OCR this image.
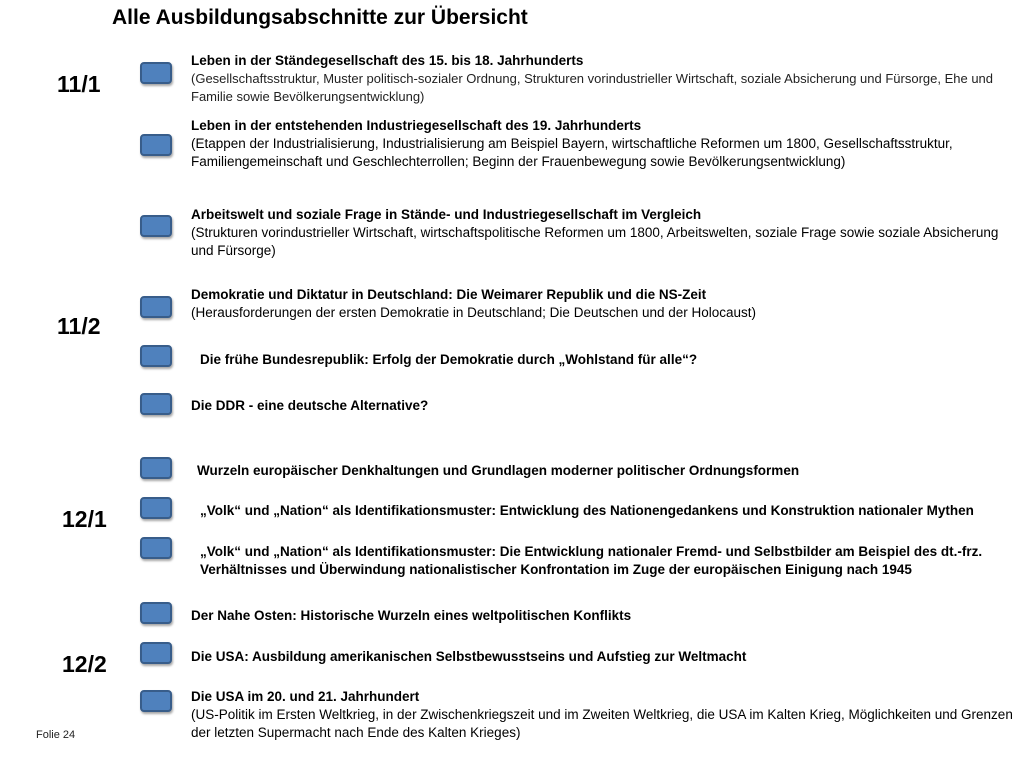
Alle Ausbildungsabschnitte zur Übersicht
11/1
11/2
12/1
12/2
Leben in der Ständegesellschaft des 15. bis 18. Jahrhunderts
(Gesellschaftsstruktur, Muster politisch-sozialer Ordnung, Strukturen vorindustrieller Wirtschaft, soziale Absicherung und Fürsorge, Ehe und Familie sowie Bevölkerungsentwicklung)
Leben in der entstehenden Industriegesellschaft des 19. Jahrhunderts
(Etappen der Industrialisierung, Industrialisierung am Beispiel Bayern, wirtschaftliche Reformen um 1800, Gesellschaftsstruktur, Familiengemeinschaft und Geschlechterrollen; Beginn der Frauenbewegung sowie Bevölkerungsentwicklung)
Arbeitswelt und soziale Frage in Stände- und Industriegesellschaft im Vergleich
(Strukturen vorindustrieller Wirtschaft, wirtschaftspolitische Reformen um 1800, Arbeitswelten, soziale Frage sowie soziale Absicherung und Fürsorge)
Demokratie und Diktatur in Deutschland: Die Weimarer Republik und die NS-Zeit
(Herausforderungen der ersten Demokratie in Deutschland; Die Deutschen und der Holocaust)
Die frühe Bundesrepublik: Erfolg der Demokratie durch „Wohlstand für alle“?
Die DDR - eine deutsche Alternative?
Wurzeln europäischer Denkhaltungen und Grundlagen moderner politischer Ordnungsformen
„Volk“ und „Nation“ als Identifikationsmuster: Entwicklung des Nationengedankens und Konstruktion nationaler Mythen
„Volk“ und „Nation“ als Identifikationsmuster: Die Entwicklung nationaler Fremd- und Selbstbilder am Beispiel des dt.-frz. Verhältnisses und Überwindung nationalistischer Konfrontation im Zuge der europäischen Einigung nach 1945
Der Nahe Osten: Historische Wurzeln eines weltpolitischen Konflikts
Die USA: Ausbildung amerikanischen Selbstbewusstseins und Aufstieg zur Weltmacht
Die USA im 20. und 21. Jahrhundert
(US-Politik im Ersten Weltkrieg, in der Zwischenkriegszeit und im Zweiten Weltkrieg, die USA im Kalten Krieg, Möglichkeiten und Grenzen der letzten Supermacht nach Ende des Kalten Krieges)
Folie 24
